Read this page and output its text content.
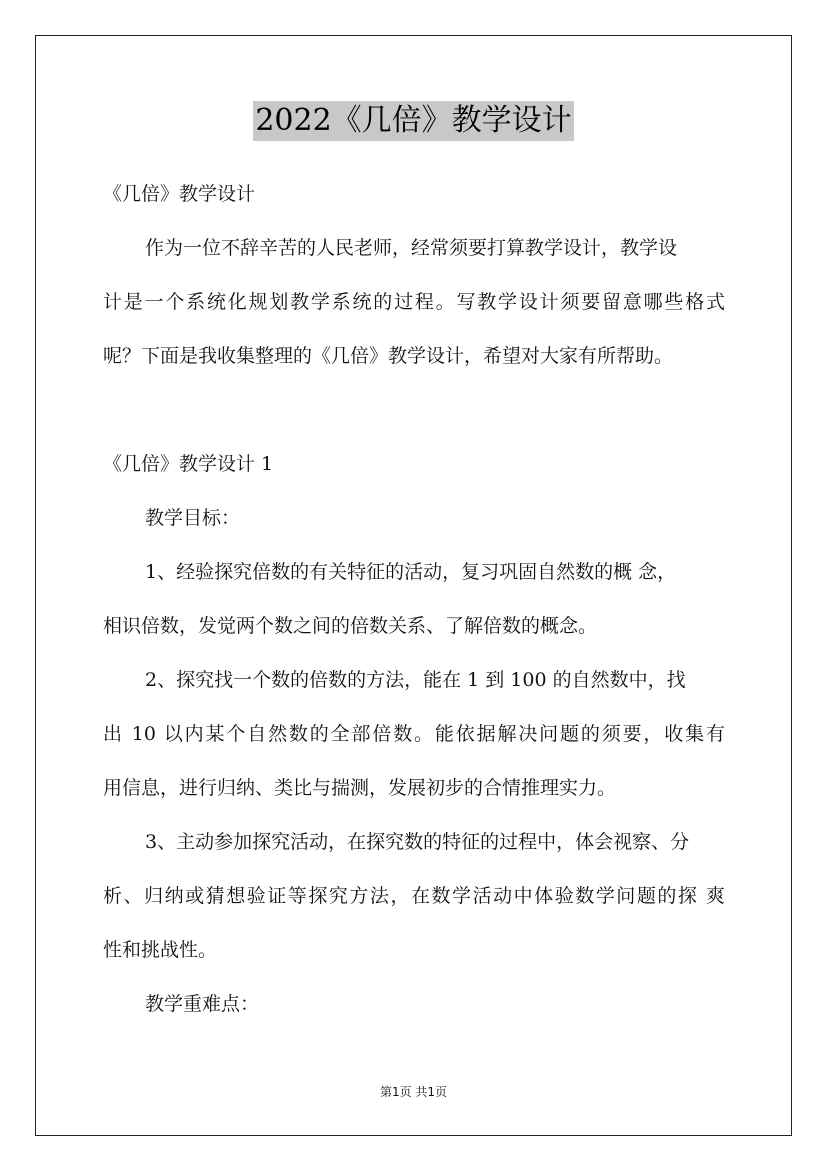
2022《几倍》教学设计
《几倍》教学设计
作为一位不辞辛苦的人民老师，经常须要打算教学设计，教学设
计是一个系统化规划教学系统的过程。写教学设计须要留意哪些格式
呢？下面是我收集整理的《几倍》教学设计，希望对大家有所帮助。
《几倍》教学设计 1
教学目标：
1、经验探究倍数的有关特征的活动，复习巩固自然数的概 念，
相识倍数，发觉两个数之间的倍数关系、了解倍数的概念。
2、探究找一个数的倍数的方法，能在 1 到 100 的自然数中，找
出 10 以内某个自然数的全部倍数。能依据解决问题的须要，收集有
用信息，进行归纳、类比与揣测，发展初步的合情推理实力。
3、主动参加探究活动，在探究数的特征的过程中，体会视察、分
析、归纳或猜想验证等探究方法，在数学活动中体验数学问题的探 爽
性和挑战性。
教学重难点：
第1页 共1页
